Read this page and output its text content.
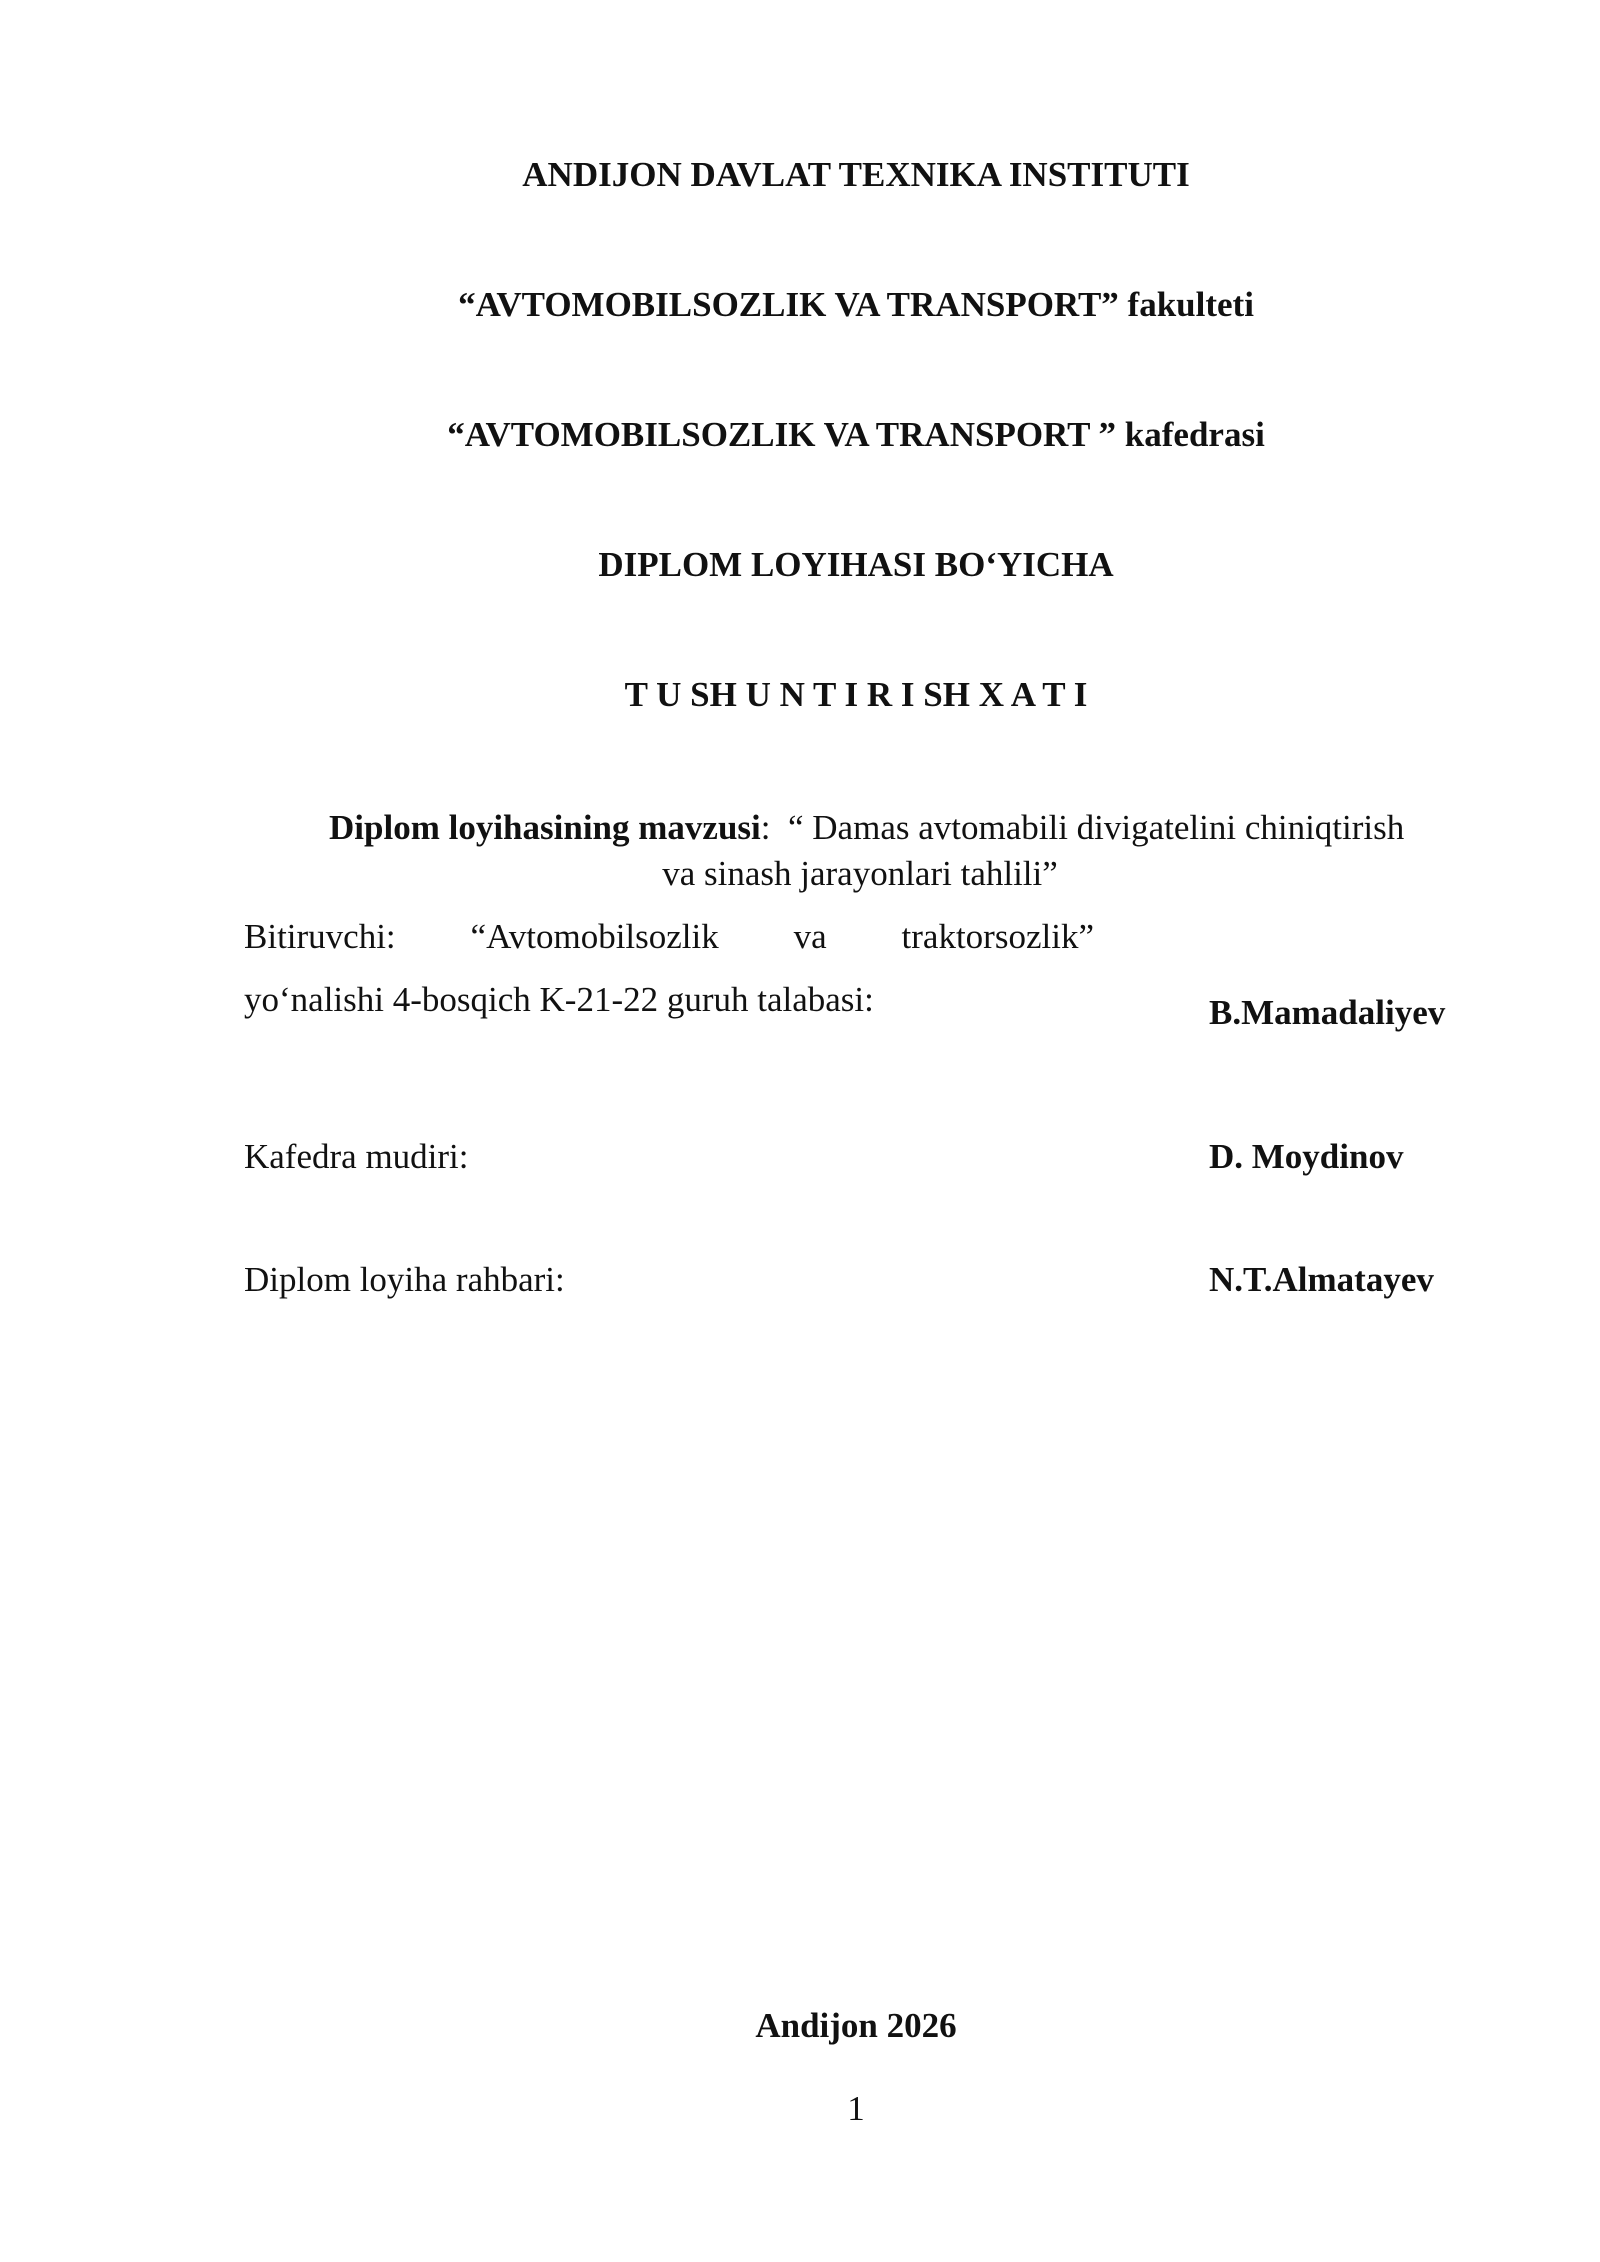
ANDIJON DAVLAT TEXNIKA INSTITUTI
“AVTOMOBILSOZLIK VA TRANSPORT” fakulteti
“AVTOMOBILSOZLIK VA TRANSPORT ” kafedrasi
DIPLOM LOYIHASI BO‘YICHA
T U SH U N T I R I SH X A T I
Diplom loyihasining mavzusi: “ Damas avtomabili divigatelini chiniqtirish
va sinash jarayonlari tahlili”
Bitiruvchi: “Avtomobilsozlik va traktorsozlik”
yo‘nalishi 4-bosqich K-21-22 guruh talabasi:	B.Mamadaliyev
Kafedra mudiri:	D. Moydinov
Diplom loyiha rahbari:	N.T.Almatayev
Andijon 2026
1
